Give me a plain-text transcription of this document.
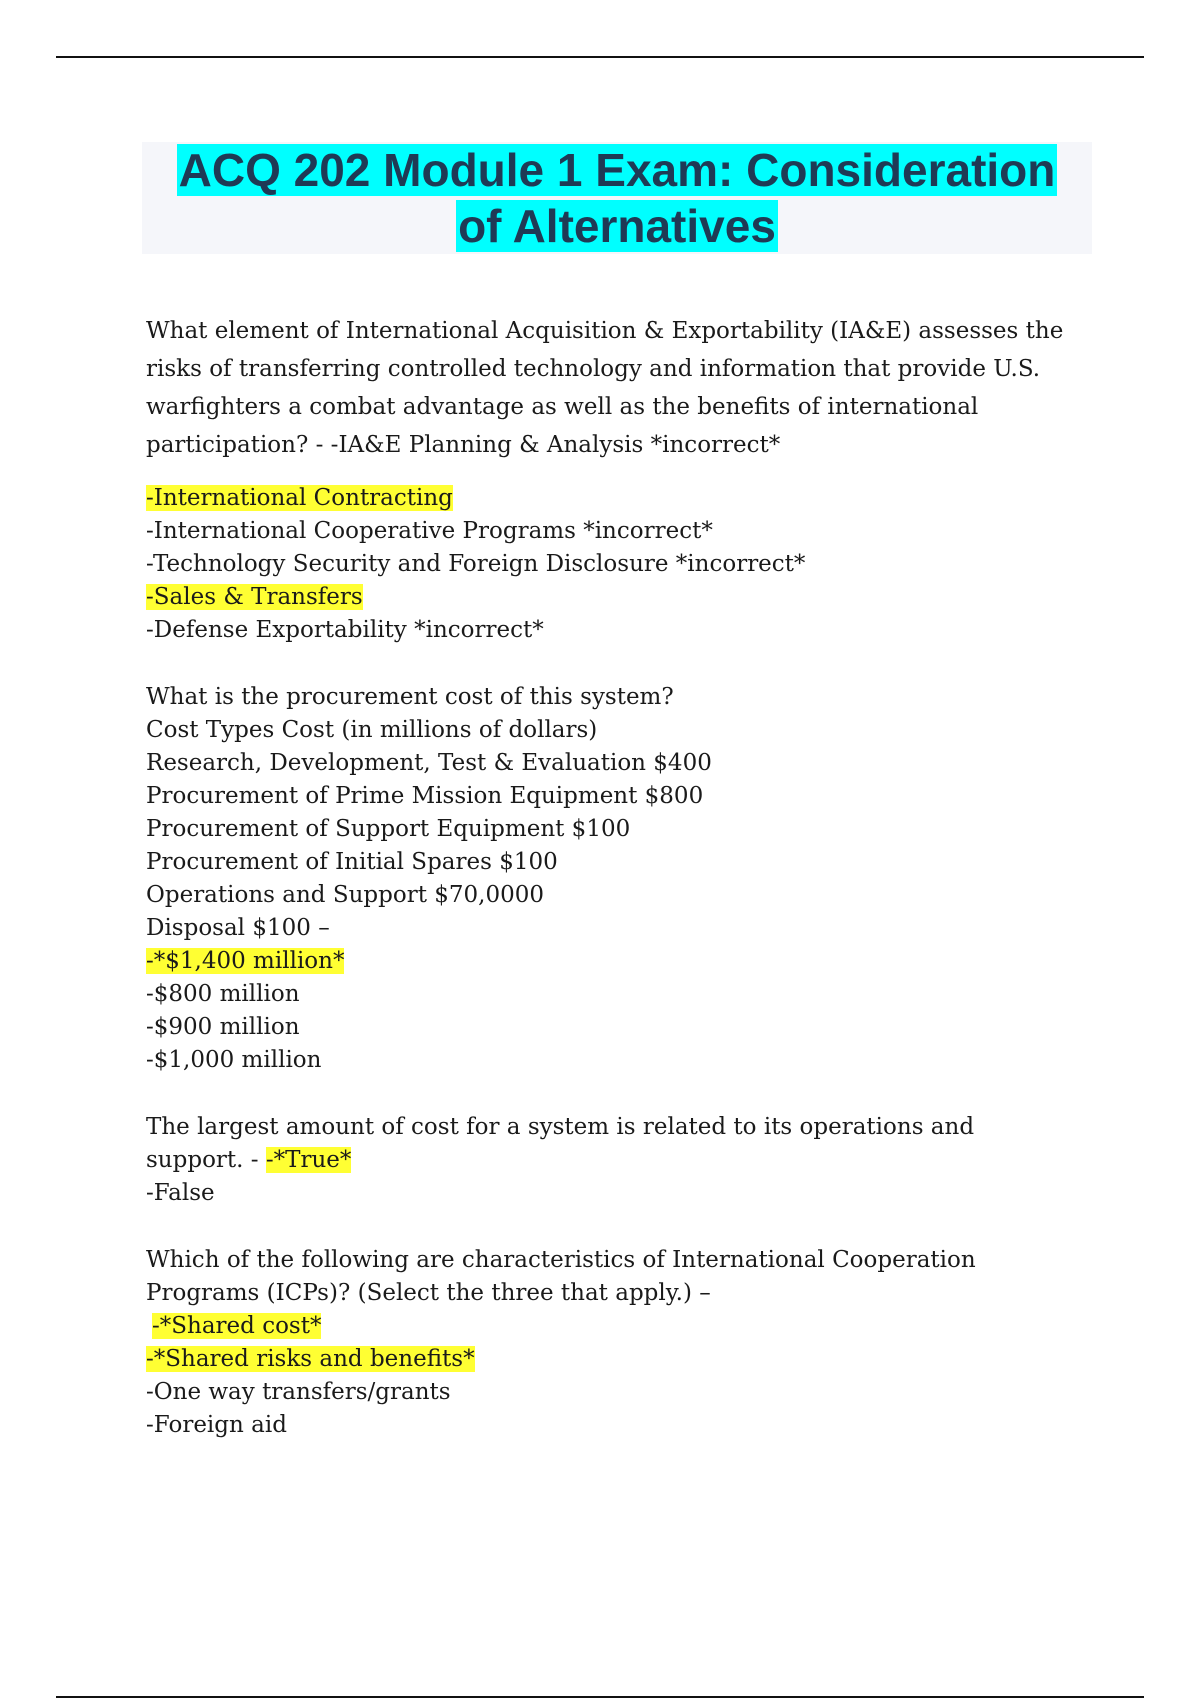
ACQ 202 Module 1 Exam: Consideration
of Alternatives

What element of International Acquisition & Exportability (IA&E) assesses the risks of transferring controlled technology and information that provide U.S. warfighters a combat advantage as well as the benefits of international participation? - -IA&E Planning & Analysis *incorrect*

-International Contracting
-International Cooperative Programs *incorrect*
-Technology Security and Foreign Disclosure *incorrect*
-Sales & Transfers
-Defense Exportability *incorrect*
What is the procurement cost of this system?
Cost Types Cost (in millions of dollars)
Research, Development, Test & Evaluation $400
Procurement of Prime Mission Equipment $800
Procurement of Support Equipment $100
Procurement of Initial Spares $100
Operations and Support $70,0000
Disposal $100 –
-*$1,400 million*
-$800 million
-$900 million
-$1,000 million
The largest amount of cost for a system is related to its operations and
support. - -*True*
-False
Which of the following are characteristics of International Cooperation
Programs (ICPs)? (Select the three that apply.) –
-*Shared cost*
-*Shared risks and benefits*
-One way transfers/grants
-Foreign aid
